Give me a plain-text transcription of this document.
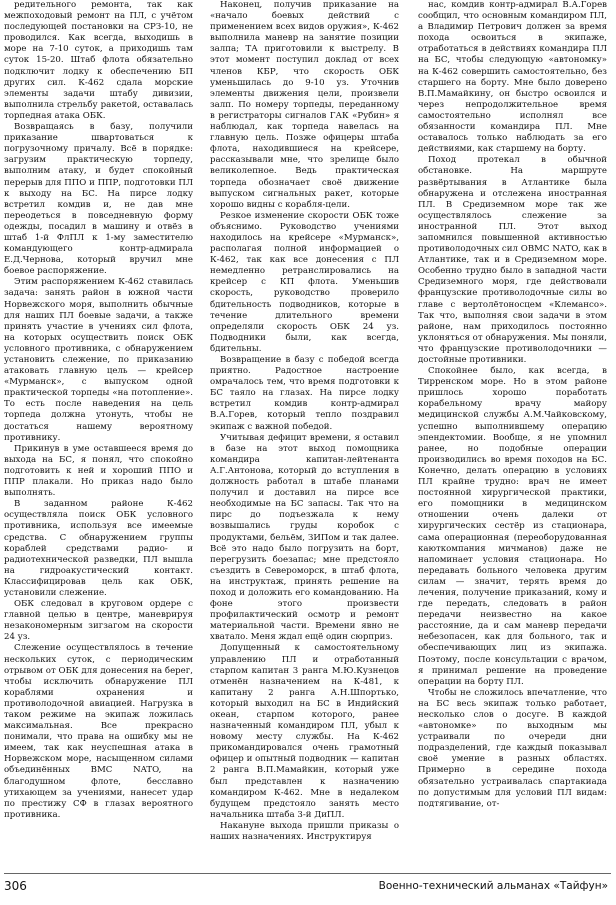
редительного ремонта, так как межпоходовый ремонт на ПЛ, с учётом последующей постановки на СРЗ-10, не проводился. Как всегда, выходишь в море на 7-10 суток, а приходишь там суток 15-20. Штаб флота обязательно подключит лодку к обеспечению БП других сил. К-462 сдала морские элементы задачи штабу дивизии, выполнила стрельбу ракетой, оставалась торпедная атака ОБК.

Возвращаясь в базу, получили приказание швартоваться к погрузочному причалу. Всё в порядке: загрузим практическую торпеду, выполним атаку, и будет спокойный перерыв для ППО и ППР, подготовки ПЛ к выходу на БС. На пирсе лодку встретил комдив и, не дав мне переодеться в повседневную форму одежды, посадил в машину и отвёз в штаб 1-й ФлПЛ к 1-му заместителю командующего контр-адмирала Е.Д.Чернова, который вручил мне боевое распоряжение.

Этим распоряжением К-462 ставилась задача: занять район в южной части Норвежского моря, выполнить обычные для наших ПЛ боевые задачи, а также принять участие в учениях сил флота, на которых осуществить поиск ОБК условного противника, с обнаружением установить слежение, по приказанию атаковать главную цель — крейсер «Мурманск», с выпуском одной практической торпеды «на потопление». То есть после наведения на цель торпеда должна утонуть, чтобы не достаться нашему вероятному противнику.

Прикинув в уме оставшееся время до выхода на БС, я понял, что спокойно подготовить к ней и хороший ППО и ППР плакали. Но приказ надо было выполнять.

В заданном районе К-462 осуществляла поиск ОБК условного противника, используя все имеемые средства. С обнаружением группы кораблей средствами радио- и радиотехнической разведки, ПЛ вышла на гидроакустический контакт. Классифицировав цель как ОБК, установили слежение.

ОБК следовал в круговом ордере с главной целью в центре, маневрируя незакономерным зигзагом на скорости 24 уз.

Слежение осуществлялось в течение нескольких суток, с периодическим отрывом от ОБК для донесения на берег, чтобы исключить обнаружение ПЛ кораблями охранения и противолодочной авиацией. Нагрузка в таком режиме на экипаж ложилась максимальная. Все прекрасно понимали, что права на ошибку мы не имеем, так как неуспешная атака в Норвежском море, насыщенном силами объединённых ВМС NATO, на благодушном флоте, бесславно утихающем за учениями, нанесет удар по престижу СФ в глазах вероятного противника.

Наконец, получив приказание на «начало боевых действий с применением всех видов оружия», К-462 выполнила маневр на занятие позиции залпа; ТА приготовили к выстрелу. В этот момент поступил доклад от всех членов КБР, что скорость ОБК уменьшилась до 9-10 уз. Уточнив элементы движения цели, произвели залп. По номеру торпеды, переданному в регистраторы сигналов ГАК «Рубин» я наблюдал, как торпеда навелась на главную цель. Позже офицеры штаба флота, находившиеся на крейсере, рассказывали мне, что зрелище было великолепное. Ведь практическая торпеда обозначает своё движение выпуском сигнальных ракет, которые хорошо видны с корабля-цели.

Резкое изменение скорости ОБК тоже объяснимо. Руководство учениями находилось на крейсере «Мурманск», располагая полной информацией о К-462, так как все донесения с ПЛ немедленно ретранслировались на крейсер с КП флота. Уменьшив скорость, руководство проверило бдительность подводников, которые в течение длительного времени определяли скорость ОБК 24 уз. Подводники были, как всегда, бдительны.

Возвращение в базу с победой всегда приятно. Радостное настроение омрачалось тем, что время подготовки к БС таяло на глазах. На пирсе лодку встретил комдив контр-адмирал В.А.Горев, который тепло поздравил экипаж с важной победой.

Учитывая дефицит времени, я оставил в базе на этот выход помощника командира капитан-лейтенанта А.Г.Антонова, который до вступления в должность работал в штабе планами получил и доставил на пирсе все необходимые на БС запасы. Так что на пирс до подъезжала к нему возвышались груды коробок с продуктами, бельём, ЗИПом и так далее. Всё это надо было погрузить на борт, перегрузить боезапас; мне предстояло съездить в Североморск, в штаб флота, на инструктаж, принять решение на поход и доложить его командованию. На фоне этого произвести профилактический осмотр и ремонт материальной части. Времени явно не хватало. Меня ждал ещё один сюрприз.

Допущенный к самостоятельному управлению ПЛ и отработанный старпом капитан 3 ранга М.Ю.Кузнецов отменён назначением на К-481, к капитану 2 ранга А.Н.Шпортько, который выходил на БС в Индийский океан, старпом которого, ранее назначенный командиром ПЛ, убыл к новому месту службы. На К-462 прикомандировался очень грамотный офицер и опытный подводник — капитан 2 ранга В.П.Мамайкин, который уже был представлен к назначению командиром К-462. Мне в недалеком будущем предстояло занять место начальника штаба 3-й ДиПЛ.

Накануне выхода пришли приказы о наших назначениях. Инструктируя

нас, комдив контр-адмирал В.А.Горев сообщил, что основным командиром ПЛ, а Владимир Петрович должен за время похода освоиться в экипаже, отработаться в действиях командира ПЛ на БС, чтобы следующую «автономку» на К-462 совершить самостоятельно, без старшего на борту. Мне было доверено В.П.Мамайкину, он быстро освоился и через непродолжительное время самостоятельно исполнял все обязанности командира ПЛ. Мне оставалось только наблюдать за его действиями, как старшему на борту.

Поход протекал в обычной обстановке. На маршруте развёртывания в Атлантике была обнаружена и отслежена иностранная ПЛ. В Средиземном море так же осуществлялось слежение за иностранной ПЛ. Этот выход запомнился повышенной активностью противолодочных сил ОВМС NATO, как в Атлантике, так и в Средиземном море. Особенно трудно было в западной части Средиземного моря, где действовали французские противолодочные силы во главе с вертолётоносцем «Клемансо». Так что, выполняя свои задачи в этом районе, нам приходилось постоянно уклоняться от обнаружения. Мы поняли, что французские противолодочники — достойные противники.

Спокойнее было, как всегда, в Тирренском море. Но в этом районе пришлось хорошо поработать корабельному врачу майору медицинской службы А.М.Чайковскому, успешно выполнившему операцию эпендектомии. Вообще, я не упомнил ранее, но подобные операции производились во время походов на БС. Конечно, делать операцию в условиях ПЛ крайне трудно: врач не имеет постоянной хирургической практики, его помощники в медицинском отношении очень далеки от хирургических сестёр из стационара, сама операционная (переоборудованная каюткомпания мичманов) даже не напоминает условия стационара. Но передавать больного человека другим силам — значит, терять время до лечения, получение приказаний, кому и где передать, следовать в район передачи неизвестно на какое расстояние, да и сам маневр передачи небезопасен, как для больного, так и обеспечивающих лиц из экипажа. Поэтому, после консультации с врачом, я принимал решение на проведение операции на борту ПЛ.

Чтобы не сложилось впечатление, что на БС весь экипаж только работает, несколько слов о досуге. В каждой «автономке» по выходным мы устраивали по очереди дни подразделений, где каждый показывал своё умение в разных областях. Примерно в середине похода обязательно устраивалась спартакиада по допустимым для условий ПЛ видам: подтягивание, от-

306	Военно-технический альманах «Тайфун»
